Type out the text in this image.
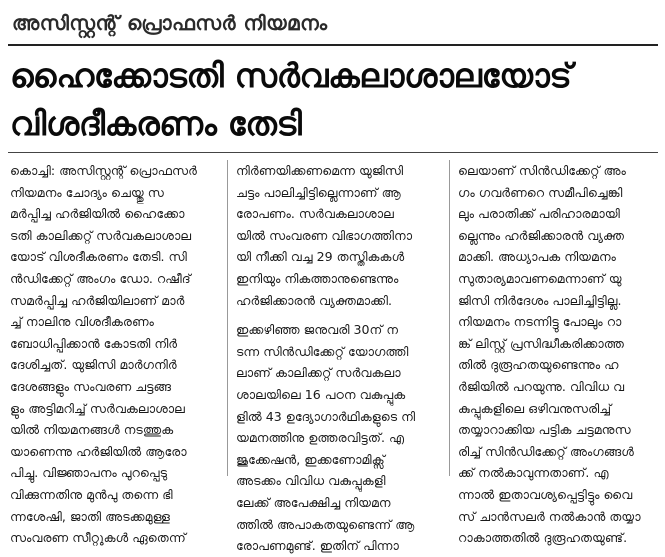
അസിസ്റ്റന്റ് പ്രൊഫസർ നിയമനം
ഹൈക്കോടതി സർവകലാശാലയോട്
വിശദീകരണം തേടി
കൊച്ചി: അസിസ്റ്റന്റ് പ്രൊഫസർ
നിയമനം ചോദ്യം ചെയ്തു സ
മർപ്പിച്ച ഹർജിയിൽ ഹൈക്കോ
ടതി കാലിക്കറ്റ് സർവകലാശാല
യോട് വിശദീകരണം തേടി. സി
ൻഡിക്കേറ്റ് അംഗം ഡോ. റഷീദ്
സമർപ്പിച്ച ഹർജിയിലാണ് മാർ
ച്ച് നാലിനു വിശദീകരണം
ബോധിപ്പിക്കാൻ കോടതി നിർ
ദേശിച്ചത്. യുജിസി മാർഗനിർ
ദേശങ്ങളും സംവരണ ചട്ടങ്ങ
ളും അട്ടിമറിച്ച് സർവകലാശാല
യിൽ നിയമനങ്ങൾ നടത്തുക
യാണെന്നു ഹർജിയിൽ ആരോ
പിച്ചു. വിജ്ഞാപനം പുറപ്പെടു
വിക്കുന്നതിനു മുൻപു തന്നെ ഭി
ന്നശേഷി, ജാതി അടക്കമുള്ള
സംവരണ സീറ്റുകൾ ഏതെന്ന്
നിർണയിക്കണമെന്ന യുജിസി
ചട്ടം പാലിച്ചിട്ടില്ലെന്നാണ് ആ
രോപണം. സർവകലാശാല
യിൽ സംവരണ വിഭാഗത്തിനാ
യി നീക്കി വച്ച 29 തസ്തികകൾ
ഇനിയും നികത്താനുണ്ടെന്നും
ഹർജിക്കാരൻ വ്യക്തമാക്കി.
ഇക്കഴിഞ്ഞ ജനുവരി 30ന് ന
ടന്ന സിൻഡിക്കേറ്റ് യോഗത്തി
ലാണ് കാലിക്കറ്റ് സർവകലാ
ശാലയിലെ 16 പഠന വകുപ്പുക
ളിൽ 43 ഉദ്യോഗാർഥികളുടെ നി
യമനത്തിനു ഉത്തരവിട്ടത്. എ
ജുക്കേഷൻ, ഇക്കണോമിക്സ്
അടക്കം വിവിധ വകുപ്പുകളി
ലേക്ക് അപേക്ഷിച്ച നിയമന
ത്തിൽ അപാകതയുണ്ടെന്ന് ആ
രോപണമുണ്ട്. ഇതിന് പിന്നാ
ലെയാണ് സിൻഡിക്കേറ്റ് അം
ഗം ഗവർണറെ സമീപിച്ചെങ്കി
ലും പരാതിക്ക് പരിഹാരമായി
ല്ലെന്നും ഹർജിക്കാരൻ വ്യക്ത
മാക്കി. അധ്യാപക നിയമനം
സുതാര്യമാവണമെന്നാണ് യു
ജിസി നിർദേശം പാലിച്ചിട്ടില്ല.
നിയമനം നടന്നിട്ടു പോലും റാ
ങ്ക് ലിസ്റ്റ് പ്രസിദ്ധീകരിക്കാത്ത
തിൽ ദുരൂഹതയുണ്ടെന്നും ഹ
ർജിയിൽ പറയുന്നു. വിവിധ വ
കുപ്പുകളിലെ ഒഴിവനുസരിച്ച്
തയ്യാറാക്കിയ പട്ടിക ചട്ടമനുസ
രിച്ച് സിൻഡിക്കേറ്റ് അംഗങ്ങൾ
ക്ക് നൽകാവുന്നതാണ്. എ
ന്നാൽ ഇതാവശ്യപ്പെട്ടിട്ടും വൈ
സ് ചാൻസലർ നൽകാൻ തയ്യാ
റാകാത്തതിൽ ദുരൂഹതയുണ്ട്.
